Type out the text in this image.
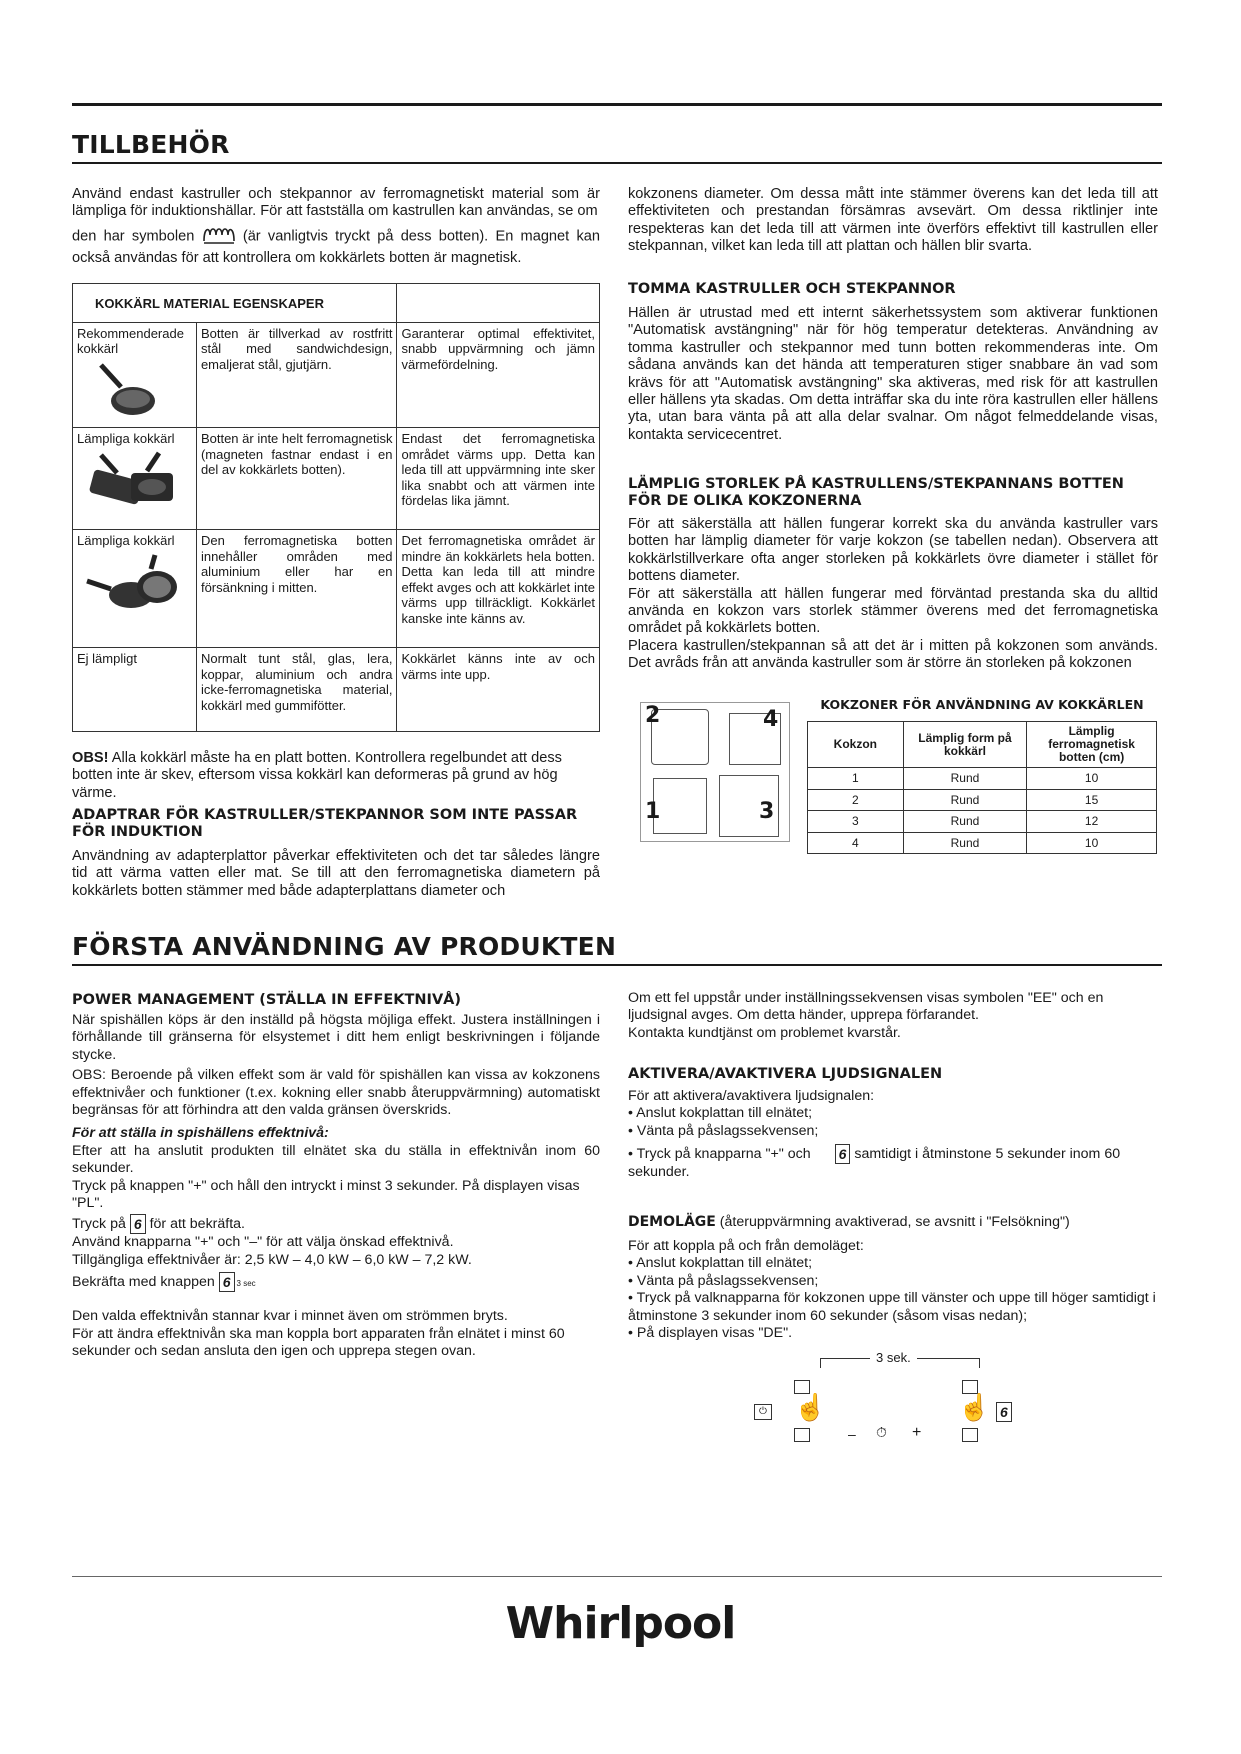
TILLBEHÖR

Använd endast kastruller och stekpannor av ferromagnetiskt material som är lämpliga för induktionshällar. För att fastställa om kastrullen kan användas, se om

den har symbolen	(är vanligtvis tryckt på dess botten). En magnet kan också användas för att kontrollera om kokkärlets botten är magnetisk.

KOKKÄRL MATERIAL EGENSKAPER		

Rekommenderade kokkärl	Botten är tillverkad av rostfritt stål med sandwichdesign, emaljerat stål, gjutjärn.	Garanterar optimal effektivitet, snabb uppvärmning och jämn värmefördelning.

Lämpliga kokkärl	Botten är inte helt ferromagnetisk (magneten fastnar endast i en del av kokkärlets botten).	Endast det ferromagnetiska området värms upp. Detta kan leda till att uppvärmning inte sker lika snabbt och att värmen inte fördelas lika jämnt.

Lämpliga kokkärl	Den ferromagnetiska botten innehåller områden med aluminium eller har en försänkning i mitten.	Det ferromagnetiska området är mindre än kokkärlets hela botten. Detta kan leda till att mindre effekt avges och att kokkärlet inte värms upp tillräckligt. Kokkärlet kanske inte känns av.
Ej lämpligt	Normalt tunt stål, glas, lera, koppar, aluminium och andra icke-ferromagnetiska material, kokkärl med gummifötter.	Kokkärlet känns inte av och värms inte upp.
OBS! Alla kokkärl måste ha en platt botten. Kontrollera regelbundet att dess botten inte är skev, eftersom vissa kokkärl kan deformeras på grund av hög värme.
ADAPTRAR FÖR KASTRULLER/STEKPANNOR SOM INTE PASSAR FÖR INDUKTION
Användning av adapterplattor påverkar effektiviteten och det tar således längre tid att värma vatten eller mat. Se till att den ferromagnetiska diametern på kokkärlets botten stämmer med både adapterplattans diameter och
kokzonens diameter. Om dessa mått inte stämmer överens kan det leda till att effektiviteten och prestandan försämras avsevärt. Om dessa riktlinjer inte respekteras kan det leda till att värmen inte överförs effektivt till kastrullen eller stekpannan, vilket kan leda till att plattan och hällen blir svarta.
TOMMA KASTRULLER OCH STEKPANNOR
Hällen är utrustad med ett internt säkerhetssystem som aktiverar funktionen "Automatisk avstängning" när för hög temperatur detekteras. Användning av tomma kastruller och stekpannor med tunn botten rekommenderas inte. Om sådana används kan det hända att temperaturen stiger snabbare än vad som krävs för att "Automatisk avstängning" ska aktiveras, med risk för att kastrullen eller hällens yta skadas. Om detta inträffar ska du inte röra kastrullen eller hällens yta, utan bara vänta på att alla delar svalnar. Om något felmeddelande visas, kontakta servicecentret.
LÄMPLIG STORLEK PÅ KASTRULLENS/STEKPANNANS BOTTEN FÖR DE OLIKA KOKZONERNA

För att säkerställa att hällen fungerar korrekt ska du använda kastruller vars botten har lämplig diameter för varje kokzon (se tabellen nedan). Observera att kokkärlstillverkare ofta anger storleken på kokkärlets övre diameter i stället för bottens diameter.

För att säkerställa att hällen fungerar med förväntad prestanda ska du alltid använda en kokzon vars storlek stämmer överens med det ferromagnetiska området på kokkärlets botten.

Placera kastrullen/stekpannan så att det är i mitten på kokzonen som används. Det avråds från att använda kastruller som är större än storleken på kokzonen

2	4
1	3
KOKZONER FÖR ANVÄNDNING AV KOKKÄRLEN
Kokzon	Lämplig form på kokkärl	Lämplig ferromagnetisk botten (cm)
1	Rund	10
2	Rund	15
3	Rund	12
4	Rund	10
FÖRSTA ANVÄNDNING AV PRODUKTEN
POWER MANAGEMENT (STÄLLA IN EFFEKTNIVÅ)

När spishällen köps är den inställd på högsta möjliga effekt. Justera inställningen i förhållande till gränserna för elsystemet i ditt hem enligt beskrivningen i följande stycke.

OBS: Beroende på vilken effekt som är vald för spishällen kan vissa av kokzonens effektnivåer och funktioner (t.ex. kokning eller snabb återuppvärmning) automatiskt begränsas för att förhindra att den valda gränsen överskrids.

För att ställa in spishällens effektnivå:

Efter att ha anslutit produkten till elnätet ska du ställa in effektnivån inom 60 sekunder.

Tryck på knappen "+" och håll den intryckt i minst 3 sekunder. På displayen visas "PL".

Tryck på 6 för att bekräfta.

Använd knapparna "+" och "–" för att välja önskad effektnivå.

Tillgängliga effektnivåer är: 2,5 kW – 4,0 kW – 6,0 kW – 7,2 kW.

Bekräfta med knappen 6 3 sec

Den valda effektnivån stannar kvar i minnet även om strömmen bryts.

För att ändra effektnivån ska man koppla bort apparaten från elnätet i minst 60 sekunder och sedan ansluta den igen och upprepa stegen ovan.

Om ett fel uppstår under inställningssekvensen visas symbolen "EE" och en ljudsignal avges. Om detta händer, upprepa förfarandet.

Kontakta kundtjänst om problemet kvarstår.

AKTIVERA/AVAKTIVERA LJUDSIGNALEN

För att aktivera/avaktivera ljudsignalen:

• Anslut kokplattan till elnätet;

• Vänta på påslagssekvensen;

• Tryck på knapparna "+" och 6 samtidigt i åtminstone 5 sekunder inom 60 sekunder.

DEMOLÄGE (återuppvärmning avaktiverad, se avsnitt i "Felsökning")

För att koppla på och från demoläget:

• Anslut kokplattan till elnätet;

• Vänta på påslagssekvensen;

• Tryck på valknapparna för kokzonen uppe till vänster och uppe till höger samtidigt i åtminstone 3 sekunder inom 60 sekunder (såsom visas nedan);

• På displayen visas "DE".

3 sek.
⏻ ☝
– ⏱ +
☝ 6
Whirlpool
